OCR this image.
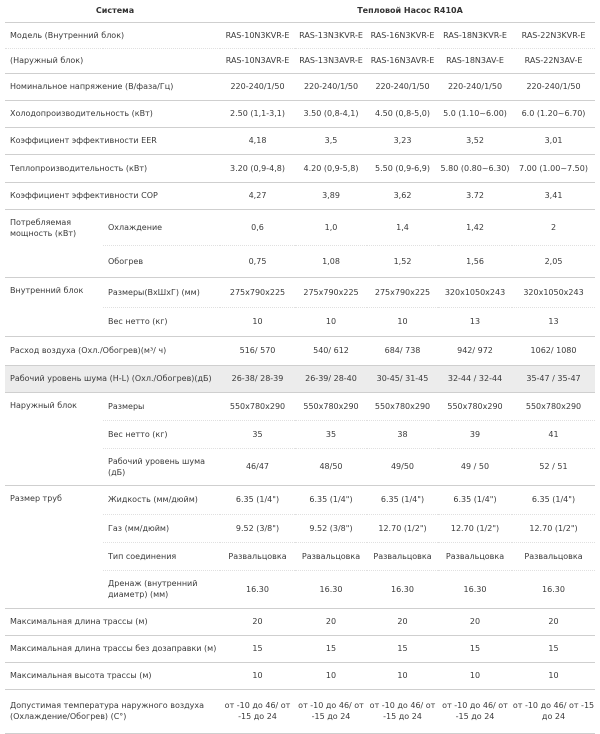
Система		Тепловой Насос R410A				
Модель (Внутренний блок)		RAS-10N3KVR-E	RAS-13N3KVR-E	RAS-16N3KVR-E	RAS-18N3KVR-E	RAS-22N3KVR-E
(Наружный блок)		RAS-10N3AVR-E	RAS-13N3AVR-E	RAS-16N3AVR-E	RAS-18N3AV-E	RAS-22N3AV-E
Номинальное напряжение (В/фаза/Гц)		220-240/1/50	220-240/1/50	220-240/1/50	220-240/1/50	220-240/1/50
Холодопроизводительность (кВт)		2.50 (1,1-3,1)	3.50 (0,8-4,1)	4.50 (0,8-5,0)	5.0 (1.10~6.00)	6.0 (1.20~6.70)
Коэффициент эффективности EER		4,18	3,5	3,23	3,52	3,01
Теплопроизводительность (кВт)		3.20 (0,9-4,8)	4.20 (0,9-5,8)	5.50 (0,9-6,9)	5.80 (0.80~6.30)	7.00 (1.00~7.50)
Коэффициент эффективности COP		4,27	3,89	3,62	3.72	3,41
Потребляемая мощность (кВт)	Охлаждение	0,6	1,0	1,4	1,42	2
	Обогрев	0,75	1,08	1,52	1,56	2,05
Внутренний блок	Размеры(ВхШхГ) (мм)	275x790x225	275x790x225	275x790x225	320x1050x243	320x1050x243
	Вес нетто (кг)	10	10	10	13	13
Расход воздуха (Охл./Обогрев)(м³/ ч)		516/ 570	540/ 612	684/ 738	942/ 972	1062/ 1080
Рабочий уровень шума (H-L) (Охл./Обогрев)(дБ)		26-38/ 28-39	26-39/ 28-40	30-45/ 31-45	32-44 / 32-44	35-47 / 35-47
Наружный блок	Размеры	550x780x290	550x780x290	550x780x290	550x780x290	550x780x290
	Вес нетто (кг)	35	35	38	39	41
	Рабочий уровень шума (дБ)	46/47	48/50	49/50	49 / 50	52 / 51
Размер труб	Жидкость (мм/дюйм)	6.35 (1/4")	6.35 (1/4")	6.35 (1/4")	6.35 (1/4")	6.35 (1/4")
	Газ (мм/дюйм)	9.52 (3/8")	9.52 (3/8")	12.70 (1/2")	12.70 (1/2")	12.70 (1/2")
	Тип соединения	Развальцовка	Развальцовка	Развальцовка	Развальцовка	Развальцовка
	Дренаж (внутренний диаметр) (мм)	16.30	16.30	16.30	16.30	16.30
Максимальная длина трассы (м)		20	20	20	20	20
Максимальная длина трассы без дозаправки (м)		15	15	15	15	15
Максимальная высота трассы (м)		10	10	10	10	10
Допустимая температура наружного воздуха (Охлаждение/Обогрев) (С°)		от -10 до 46/ от -15 до 24	от -10 до 46/ от -15 до 24	от -10 до 46/ от -15 до 24	от -10 до 46/ от -15 до 24	от -10 до 46/ от -15 до 24
